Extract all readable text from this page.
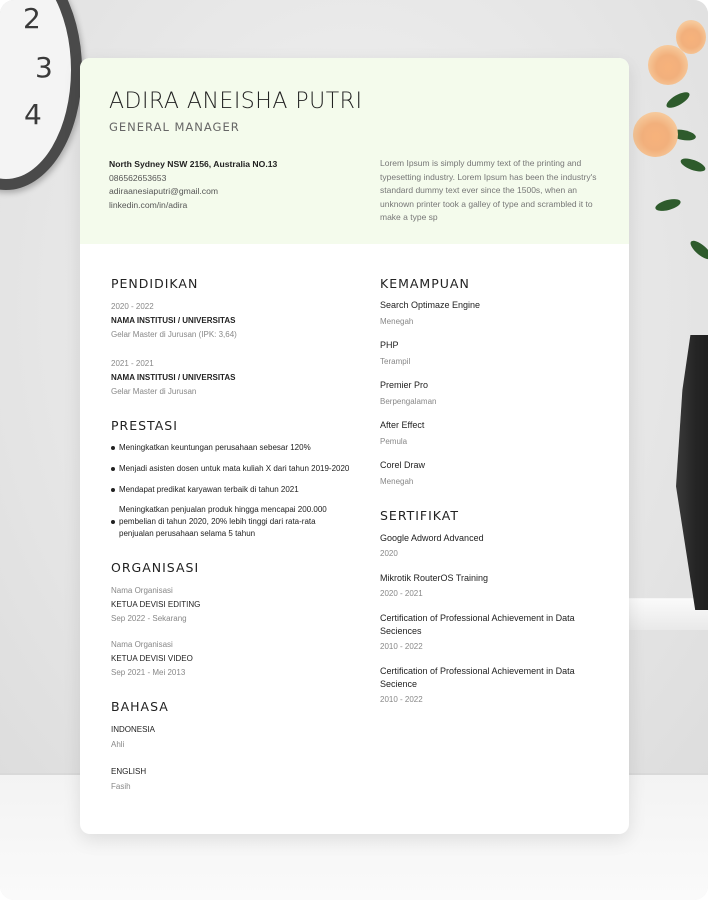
2
3
4	ADIRA ANEISHA PUTRI
GENERAL MANAGER
North Sydney NSW 2156, Australia NO.13
086562653653
adiraanesiaputri@gmail.com
linkedin.com/in/adira
Lorem Ipsum is simply dummy text of the printing and typesetting industry. Lorem Ipsum has been the industry's standard dummy text ever since the 1500s, when an unknown printer took a galley of type and scrambled it to make a type sp
PENDIDIKAN
2020 - 2022
NAMA INSTITUSI / UNIVERSITAS
Gelar Master di Jurusan (IPK: 3,64)
2021 - 2021
NAMA INSTITUSI / UNIVERSITAS
Gelar Master di Jurusan
PRESTASI
Meningkatkan keuntungan perusahaan sebesar 120%
Menjadi asisten dosen untuk mata kuliah X dari tahun 2019-2020
Mendapat predikat karyawan terbaik di tahun 2021
Meningkatkan penjualan produk hingga mencapai 200.000 pembelian di tahun 2020, 20% lebih tinggi dari rata-rata penjualan perusahaan selama 5 tahun
ORGANISASI
Nama Organisasi
KETUA DEVISI EDITING
Sep 2022 - Sekarang
Nama Organisasi
KETUA DEVISI VIDEO
Sep 2021 - Mei 2013
BAHASA
INDONESIA
Ahli
ENGLISH
Fasih
KEMAMPUAN
Search Optimaze Engine
Menegah
PHP
Terampil
Premier Pro
Berpengalaman
After Effect
Pemula
Corel Draw
Menegah
SERTIFIKAT
Google Adword Advanced
2020
Mikrotik RouterOS Training
2020 - 2021
Certification of Professional Achievement in Data Seciences
2010 - 2022
Certification of Professional Achievement in Data Secience
2010 - 2022
